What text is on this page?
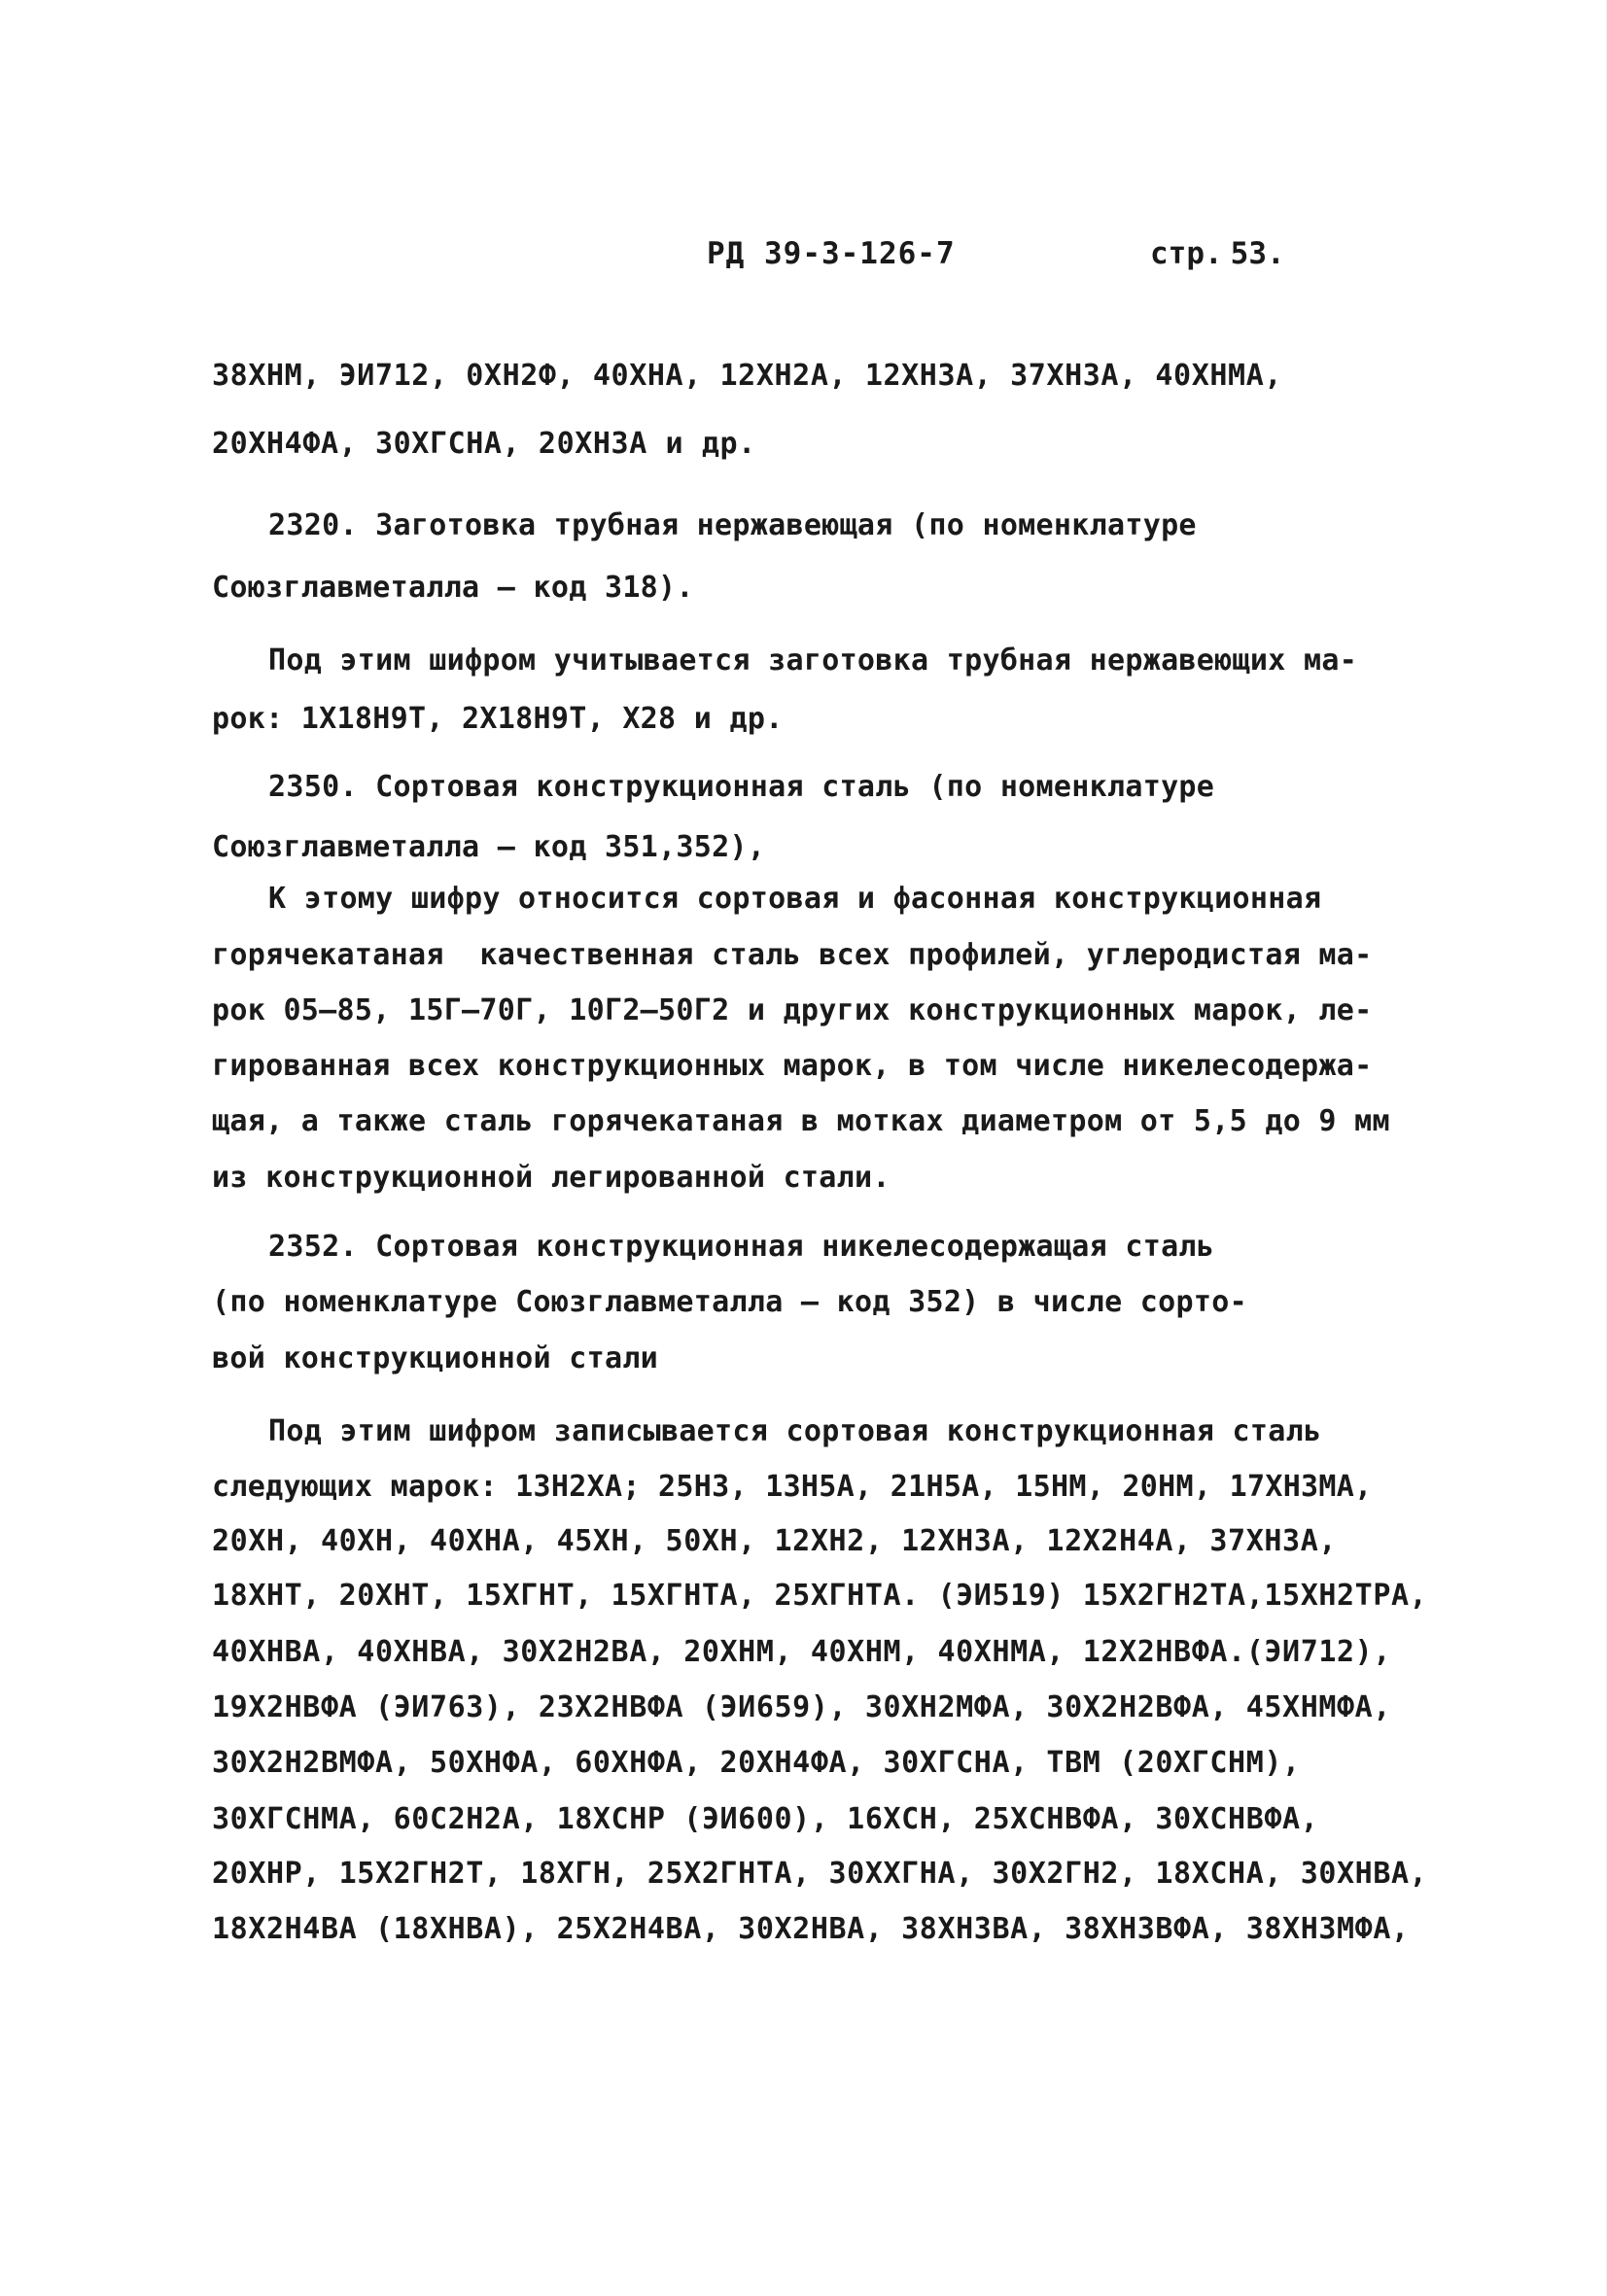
РД 39-3-126-7	стр. 53.
38ХНМ, ЭИ712, 0ХН2Ф, 40ХНА, 12ХН2А, 12ХН3А, 37ХН3А, 40ХНМА,
20ХН4ФА, 30ХГСНА, 20ХН3А и др.
2320. Заготовка трубная нержавеющая (по номенклатуре
Союзглавметалла – код 318).
Под этим шифром учитывается заготовка трубная нержавеющих ма-
рок: 1Х18Н9Т, 2Х18Н9Т, Х28 и др.
2350. Сортовая конструкционная сталь (по номенклатуре
Союзглавметалла – код 351,352),
К этому шифру относится сортовая и фасонная конструкционная
горячекатаная  качественная сталь всех профилей, углеродистая ма-
рок 05–85, 15Г–70Г, 10Г2–50Г2 и других конструкционных марок, ле-
гированная всех конструкционных марок, в том числе никелесодержа-
щая, а также сталь горячекатаная в мотках диаметром от 5,5 до 9 мм
из конструкционной легированной стали.
2352. Сортовая конструкционная никелесодержащая сталь
(по номенклатуре Союзглавметалла – код 352) в числе сорто-
вой конструкционной стали
Под этим шифром записывается сортовая конструкционная сталь
следующих марок: 13Н2ХА; 25Н3, 13Н5А, 21Н5А, 15НМ, 20НМ, 17ХН3МА,
20ХН, 40ХН, 40ХНА, 45ХН, 50ХН, 12ХН2, 12ХН3А, 12Х2Н4А, 37ХН3А,
18ХНТ, 20ХНТ, 15ХГНТ, 15ХГНТА, 25ХГНТА. (ЭИ519) 15Х2ГН2ТА,15ХН2ТРА,
40ХНВА, 40ХНВА, 30Х2Н2ВА, 20ХНМ, 40ХНМ, 40ХНМА, 12Х2НВФА.(ЭИ712),
19Х2НВФА (ЭИ763), 23Х2НВФА (ЭИ659), 30ХН2МФА, 30Х2Н2ВФА, 45ХНМФА,
30Х2Н2ВМФА, 50ХНФА, 60ХНФА, 20ХН4ФА, 30ХГСНА, ТВМ (20ХГСНМ),
30ХГСНМА, 60С2Н2А, 18ХСНР (ЭИ600), 16ХСН, 25ХСНВФА, 30ХСНВФА,
20ХНР, 15Х2ГН2Т, 18ХГН, 25Х2ГНТА, 30ХХГНА, 30Х2ГН2, 18ХСНА, 30ХНВА,
18Х2Н4ВА (18ХНВА), 25Х2Н4ВА, 30Х2НВА, 38ХН3ВА, 38ХН3ВФА, 38ХН3МФА,
